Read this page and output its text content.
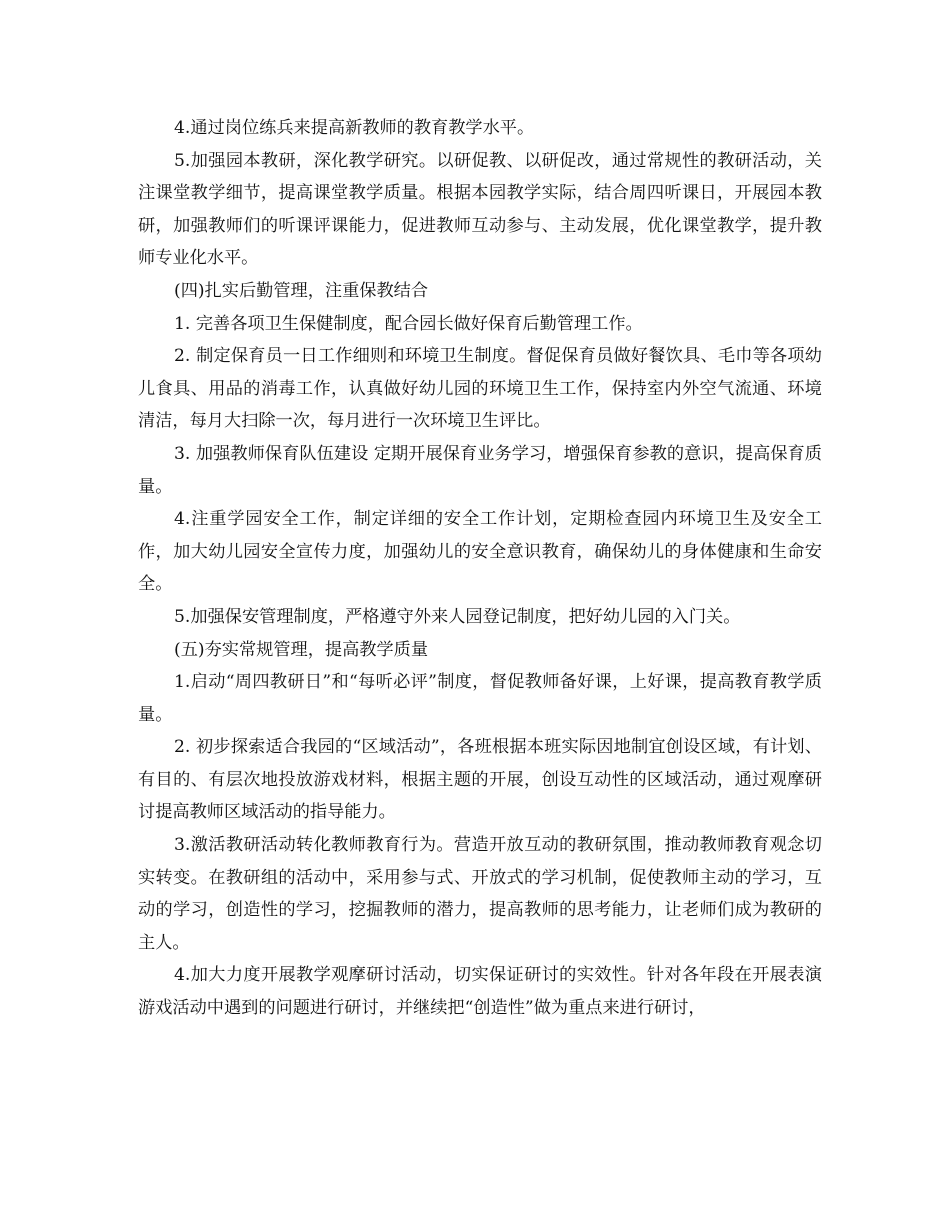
4.通过岗位练兵来提高新教师的教育教学水平。

5.加强园本教研，深化教学研究。以研促教、以研促改，通过常规性的教研活动，关注课堂教学细节，提高课堂教学质量。根据本园教学实际，结合周四听课日，开展园本教研，加强教师们的听课评课能力，促进教师互动参与、主动发展，优化课堂教学，提升教师专业化水平。

(四)扎实后勤管理，注重保教结合

1. 完善各项卫生保健制度，配合园长做好保育后勤管理工作。

2. 制定保育员一日工作细则和环境卫生制度。督促保育员做好餐饮具、毛巾等各项幼儿食具、用品的消毒工作，认真做好幼儿园的环境卫生工作，保持室内外空气流通、环境清洁，每月大扫除一次，每月进行一次环境卫生评比。

3. 加强教师保育队伍建设 定期开展保育业务学习，增强保育参教的意识，提高保育质量。

4.注重学园安全工作，制定详细的安全工作计划，定期检查园内环境卫生及安全工作，加大幼儿园安全宣传力度，加强幼儿的安全意识教育，确保幼儿的身体健康和生命安全。

5.加强保安管理制度，严格遵守外来人园登记制度，把好幼儿园的入门关。

(五)夯实常规管理，提高教学质量

1.启动“周四教研日”和“每听必评”制度，督促教师备好课，上好课，提高教育教学质量。

2. 初步探索适合我园的“区域活动”，各班根据本班实际因地制宜创设区域，有计划、有目的、有层次地投放游戏材料，根据主题的开展，创设互动性的区域活动，通过观摩研讨提高教师区域活动的指导能力。

3.激活教研活动转化教师教育行为。营造开放互动的教研氛围，推动教师教育观念切实转变。在教研组的活动中，采用参与式、开放式的学习机制，促使教师主动的学习，互动的学习，创造性的学习，挖掘教师的潜力，提高教师的思考能力，让老师们成为教研的主人。

4.加大力度开展教学观摩研讨活动，切实保证研讨的实效性。针对各年段在开展表演游戏活动中遇到的问题进行研讨，并继续把“创造性”做为重点来进行研讨，
